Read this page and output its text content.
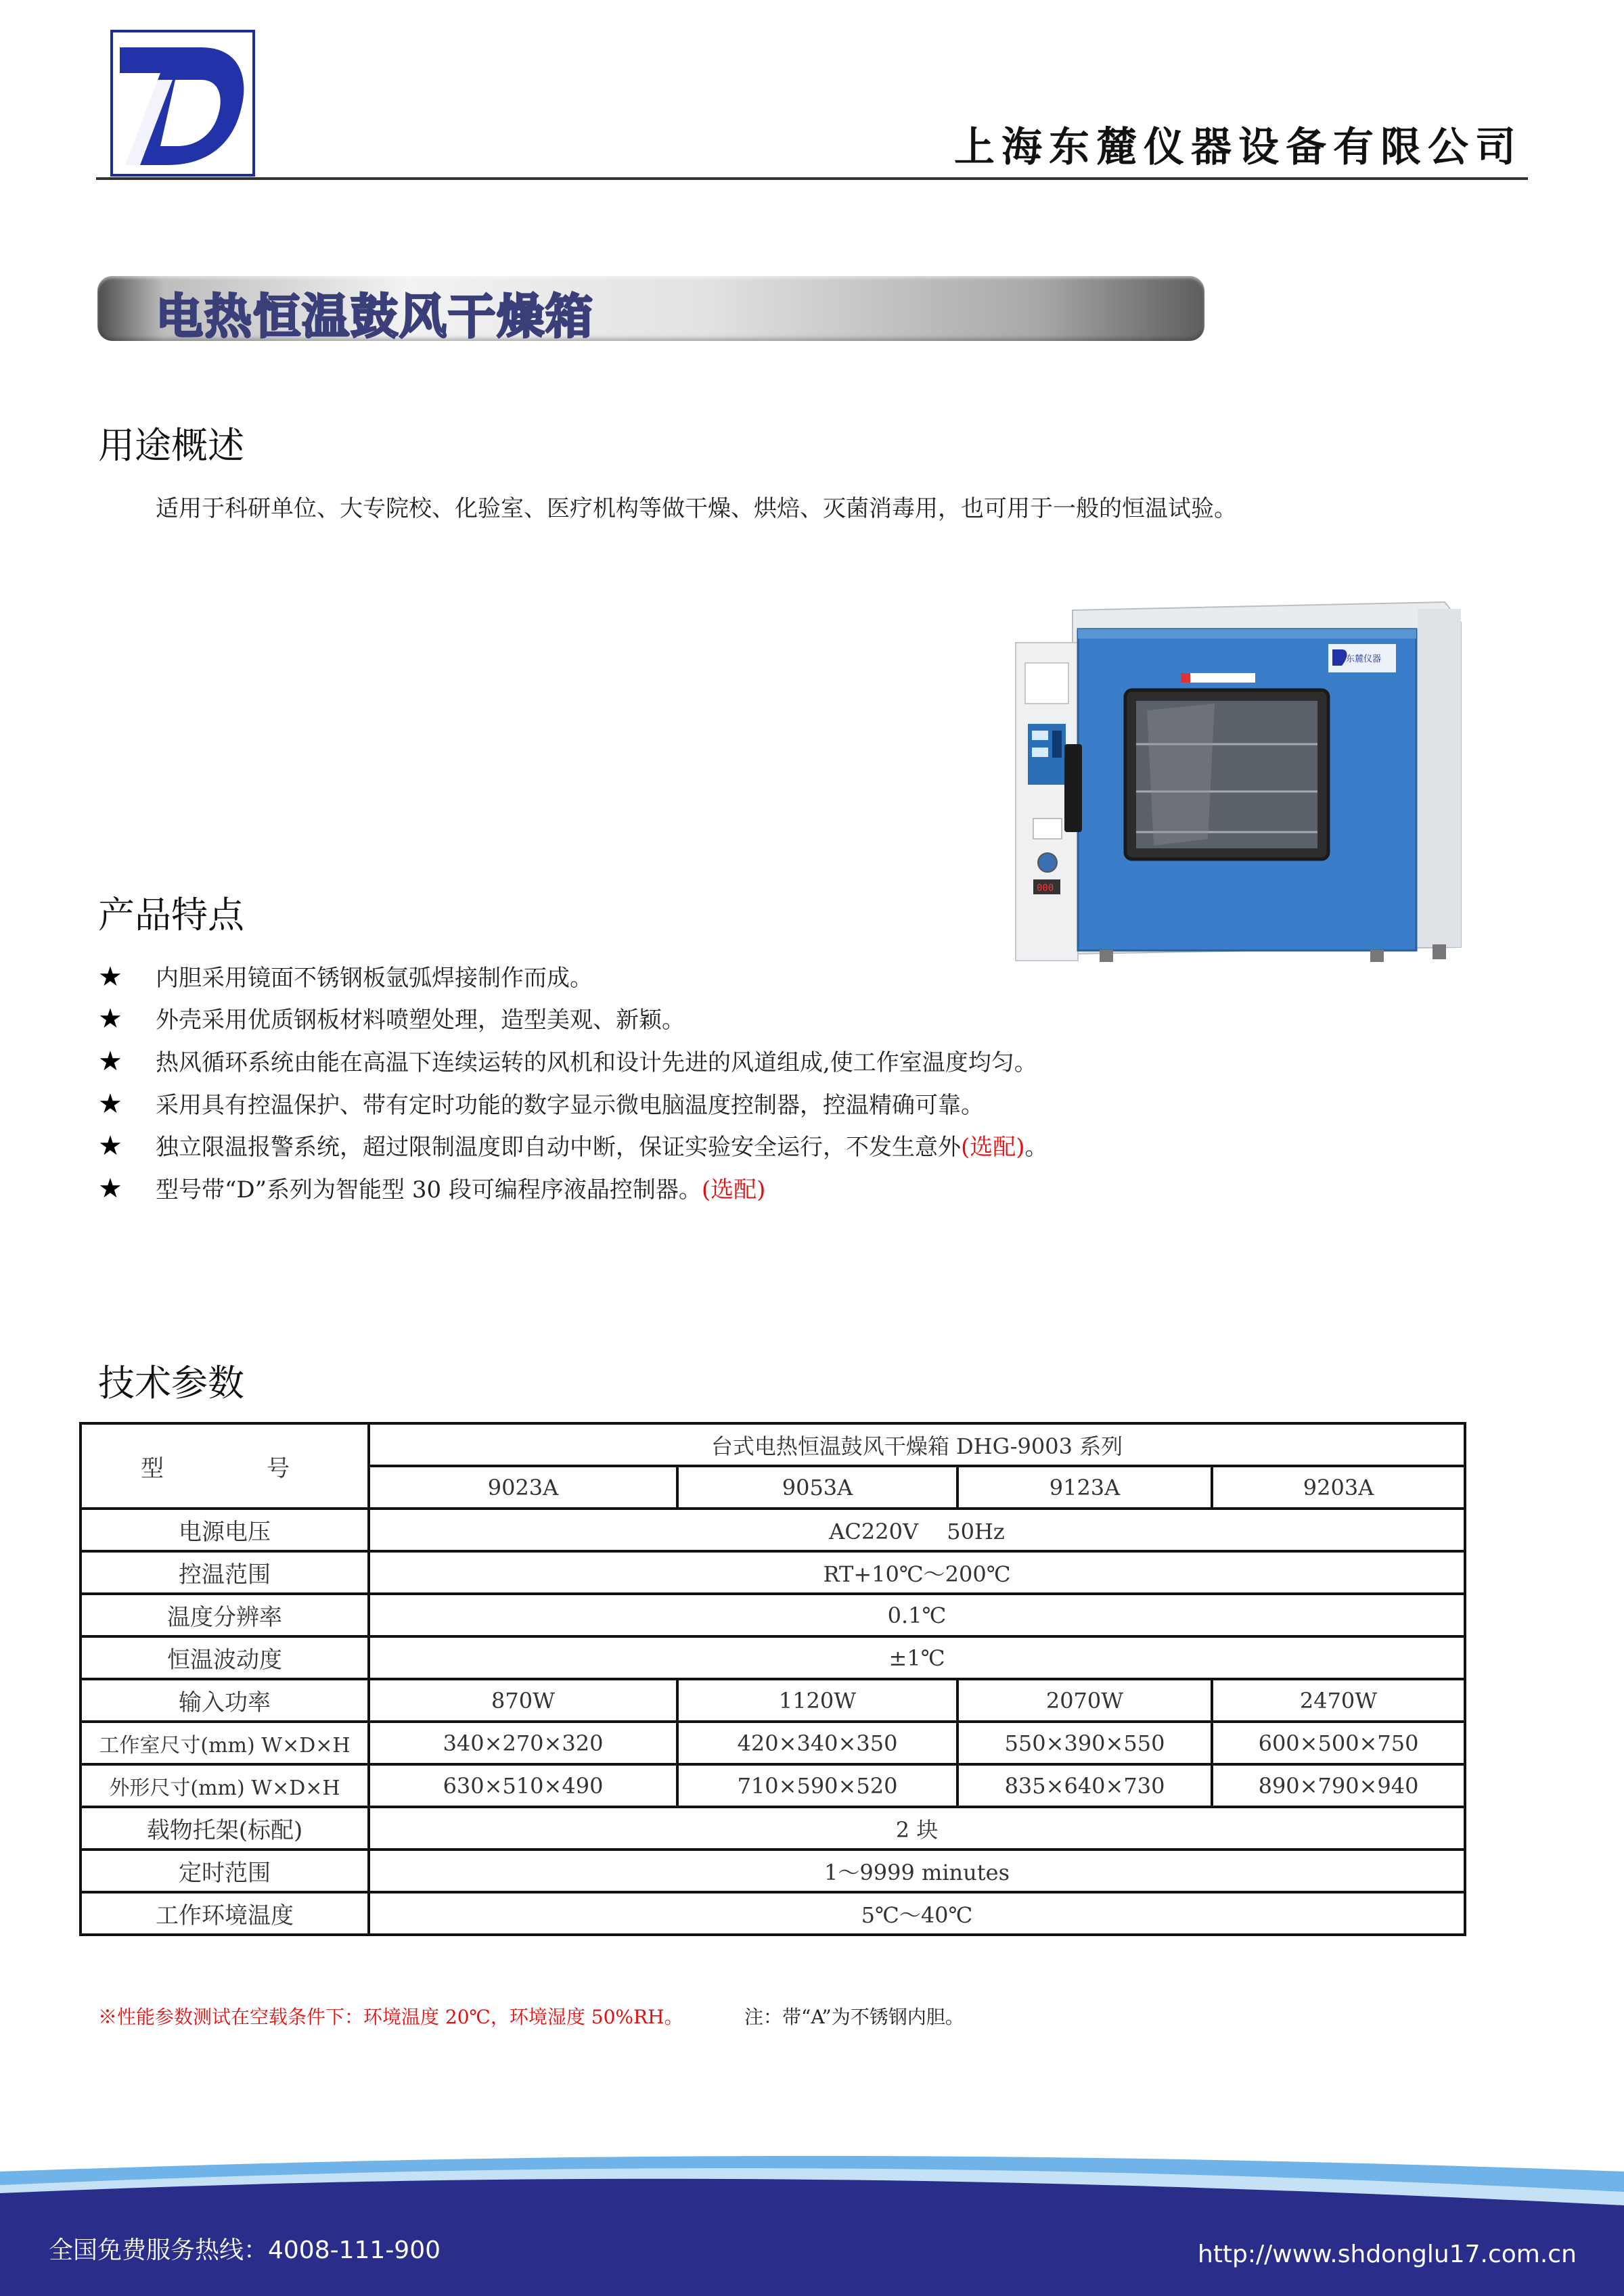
上海东麓仪器设备有限公司
电热恒温鼓风干燥箱
用途概述
适用于科研单位、大专院校、化验室、医疗机构等做干燥、烘焙、灭菌消毒用，也可用于一般的恒温试验。
000
东麓仪器
产品特点
★ 内胆采用镜面不锈钢板氩弧焊接制作而成。
★ 外壳采用优质钢板材料喷塑处理，造型美观、新颖。
★ 热风循环系统由能在高温下连续运转的风机和设计先进的风道组成,使工作室温度均匀。
★ 采用具有控温保护、带有定时功能的数字显示微电脑温度控制器，控温精确可靠。
★ 独立限温报警系统，超过限制温度即自动中断，保证实验安全运行，不发生意外(选配)。
★ 型号带“D”系列为智能型 30 段可编程序液晶控制器。(选配)
技术参数
型　　号	台式电热恒温鼓风干燥箱 DHG-9003 系列			
	9023A	9053A	9123A	9203A
电源电压	AC220V　 50Hz			
控温范围	RT+10℃～200℃			
温度分辨率	0.1℃			
恒温波动度	±1℃			
输入功率	870W	1120W	2070W	2470W
工作室尺寸(mm) W×D×H	340×270×320	420×340×350	550×390×550	600×500×750
外形尺寸(mm) W×D×H	630×510×490	710×590×520	835×640×730	890×790×940
载物托架(标配)	2 块			
定时范围	1～9999 minutes			
工作环境温度	5℃～40℃			
※性能参数测试在空载条件下：环境温度 20℃，环境湿度 50%RH。	注：带“A”为不锈钢内胆。
全国免费服务热线：4008-111-900	http://www.shdonglu17.com.cn
